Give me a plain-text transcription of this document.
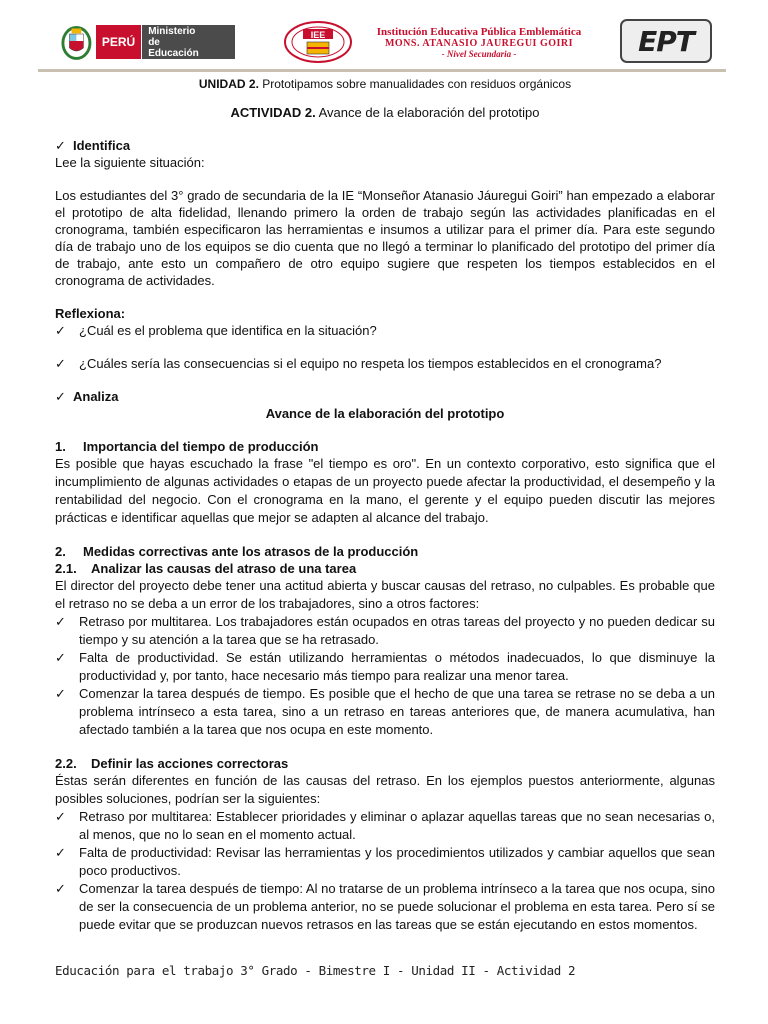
PERÚ
Ministerio
de Educación
IEE	Institución Educativa Pública Emblemática
MONS. ATANASIO JAUREGUI GOIRI
- Nivel Secundaria -	EPT

UNIDAD 2. Prototipamos sobre manualidades con residuos orgánicos

ACTIVIDAD 2. Avance de la elaboración del prototipo

✓ Identifica

Lee la siguiente situación:

Los estudiantes del 3° grado de secundaria de la IE “Monseñor Atanasio Jáuregui Goiri” han empezado a elaborar el prototipo de alta fidelidad, llenando primero la orden de trabajo según las actividades planificadas en el cronograma, también especificaron las herramientas e insumos a utilizar para el primer día. Para este segundo día de trabajo uno de los equipos se dio cuenta que no llegó a terminar lo planificado del prototipo del primer día de trabajo, ante esto un compañero de otro equipo sugiere que respeten los tiempos establecidos en el cronograma de actividades.

Reflexiona:

✓ ¿Cuál es el problema que identifica en la situación?
✓ ¿Cuáles sería las consecuencias si el equipo no respeta los tiempos establecidos en el cronograma?

✓ Analiza

Avance de la elaboración del prototipo

1. Importancia del tiempo de producción

Es posible que hayas escuchado la frase "el tiempo es oro". En un contexto corporativo, esto significa que el incumplimiento de algunas actividades o etapas de un proyecto puede afectar la productividad, el desempeño y la rentabilidad del negocio. Con el cronograma en la mano, el gerente y el equipo pueden discutir las mejores prácticas e identificar aquellas que mejor se adapten al alcance del trabajo.

2. Medidas correctivas ante los atrasos de la producción

2.1. Analizar las causas del atraso de una tarea

El director del proyecto debe tener una actitud abierta y buscar causas del retraso, no culpables. Es probable que el retraso no se deba a un error de los trabajadores, sino a otros factores:

✓ Retraso por multitarea. Los trabajadores están ocupados en otras tareas del proyecto y no pueden dedicar su tiempo y su atención a la tarea que se ha retrasado.
✓ Falta de productividad. Se están utilizando herramientas o métodos inadecuados, lo que disminuye la productividad y, por tanto, hace necesario más tiempo para realizar una menor tarea.
✓ Comenzar la tarea después de tiempo. Es posible que el hecho de que una tarea se retrase no se deba a un problema intrínseco a esta tarea, sino a un retraso en tareas anteriores que, de manera acumulativa, han afectado también a la tarea que nos ocupa en este momento.

2.2. Definir las acciones correctoras

Éstas serán diferentes en función de las causas del retraso. En los ejemplos puestos anteriormente, algunas posibles soluciones, podrían ser la siguientes:

✓ Retraso por multitarea: Establecer prioridades y eliminar o aplazar aquellas tareas que no sean necesarias o, al menos, que no lo sean en el momento actual.
✓ Falta de productividad: Revisar las herramientas y los procedimientos utilizados y cambiar aquellos que sean poco productivos.
✓ Comenzar la tarea después de tiempo: Al no tratarse de un problema intrínseco a la tarea que nos ocupa, sino de ser la consecuencia de un problema anterior, no se puede solucionar el problema en esta tarea. Pero sí se puede evitar que se produzcan nuevos retrasos en las tareas que se están ejecutando en estos momentos.
Educación para el trabajo 3° Grado - Bimestre I - Unidad II - Actividad 2
